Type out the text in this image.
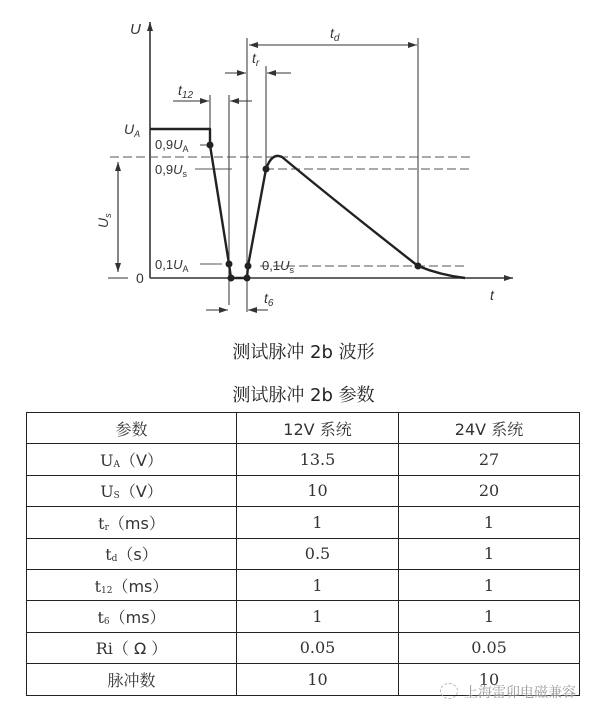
U
t
0
$U_s$
$t_{12}$
$t_r$
$t_d$
$t_6$
$U_A$
$0,9U_A$
$0,9U_s$
$0,1U_A$	$0,1U_s$
测试脉冲 2b 波形
测试脉冲 2b 参数
参数	12V 系统	24V 系统
UA（V）	13.5	27
US（V）	10	20
tr（ms）	1	1
td（s）	0.5	1
t12（ms）	1	1
t6（ms）	1	1
Ri（ Ω ）	0.05	0.05
脉冲数	10	10
上海雷卯电磁兼容
